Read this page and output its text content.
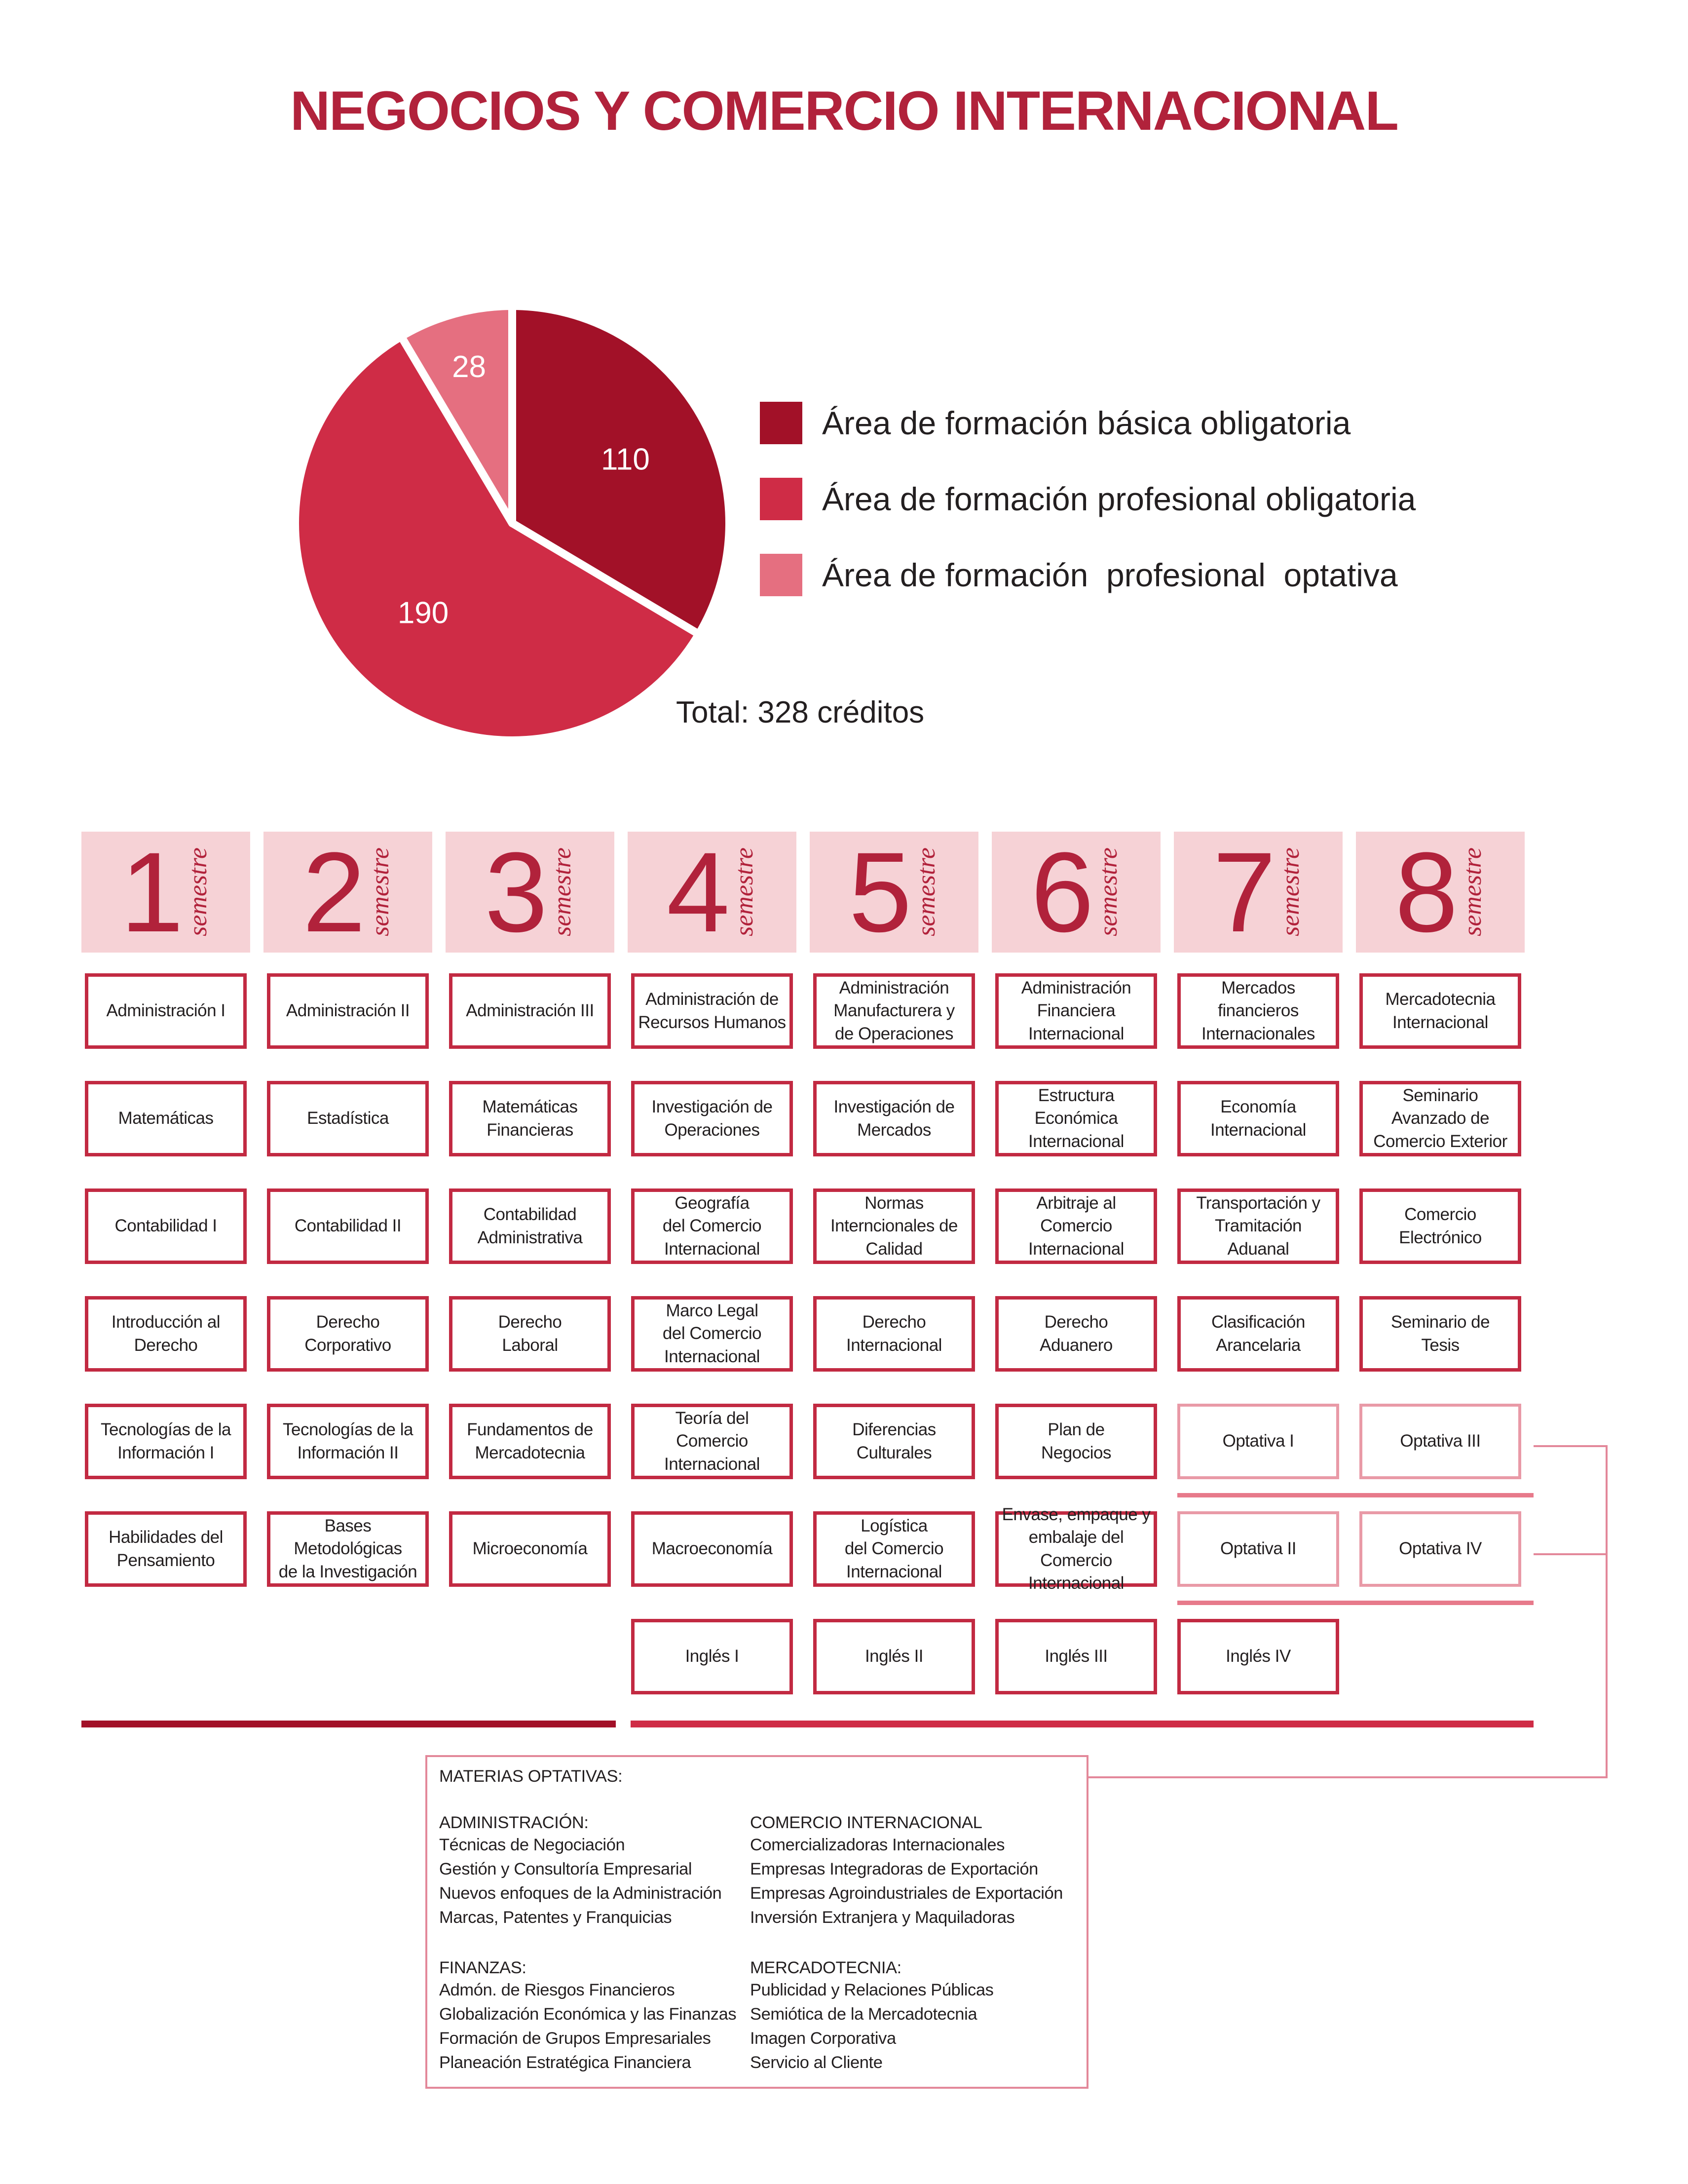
NEGOCIOS Y COMERCIO INTERNACIONAL
110
190
28
Área de formación básica obligatoria
Área de formación profesional obligatoria
Área de formación  profesional  optativa
Total: 328 créditos
1 semestre
Administración I
Matemáticas
Contabilidad I
Introducción al
Derecho
Tecnologías de la
Información I
Habilidades del
Pensamiento
2 semestre
Administración II
Estadística
Contabilidad II
Derecho
Corporativo
Tecnologías de la
Información II
Bases Metodológicas
de la Investigación
3 semestre
Administración III
Matemáticas
Financieras
Contabilidad
Administrativa
Derecho
Laboral
Fundamentos de
Mercadotecnia
Microeconomía
4 semestre
Administración de
Recursos Humanos
Investigación de
Operaciones
Geografía
del Comercio
Internacional
Marco Legal
del Comercio
Internacional
Teoría del Comercio
Internacional
Macroeconomía
Inglés I
5 semestre
Administración
Manufacturera y
de Operaciones
Investigación de
Mercados
Normas
Interncionales de
Calidad
Derecho
Internacional
Diferencias
Culturales
Logística
del Comercio
Internacional
Inglés II
6 semestre
Administración
Financiera
Internacional
Estructura Económica
Internacional
Arbitraje al Comercio
Internacional
Derecho
Aduanero
Plan de
Negocios
Envase, empaque y
embalaje del Comercio
Internacional
Inglés III
7 semestre
Mercados
financieros
Internacionales
Economía
Internacional
Transportación y
Tramitación Aduanal
Clasificación
Arancelaria
Optativa I
Optativa II
Inglés IV
8 semestre
Mercadotecnia
Internacional
Seminario
Avanzado de
Comercio Exterior
Comercio
Electrónico
Seminario de
Tesis
Optativa III
Optativa IV
MATERIAS OPTATIVAS:
ADMINISTRACIÓN:
Técnicas de Negociación
Gestión y Consultoría Empresarial
Nuevos enfoques de la Administración
Marcas, Patentes y Franquicias
COMERCIO INTERNACIONAL
Comercializadoras Internacionales
Empresas Integradoras de Exportación
Empresas Agroindustriales de Exportación
Inversión Extranjera y Maquiladoras
FINANZAS:
Admón. de Riesgos Financieros
Globalización Económica y las Finanzas
Formación de Grupos Empresariales
Planeación Estratégica Financiera
MERCADOTECNIA:
Publicidad y Relaciones Públicas
Semiótica de la Mercadotecnia
Imagen Corporativa
Servicio al Cliente
